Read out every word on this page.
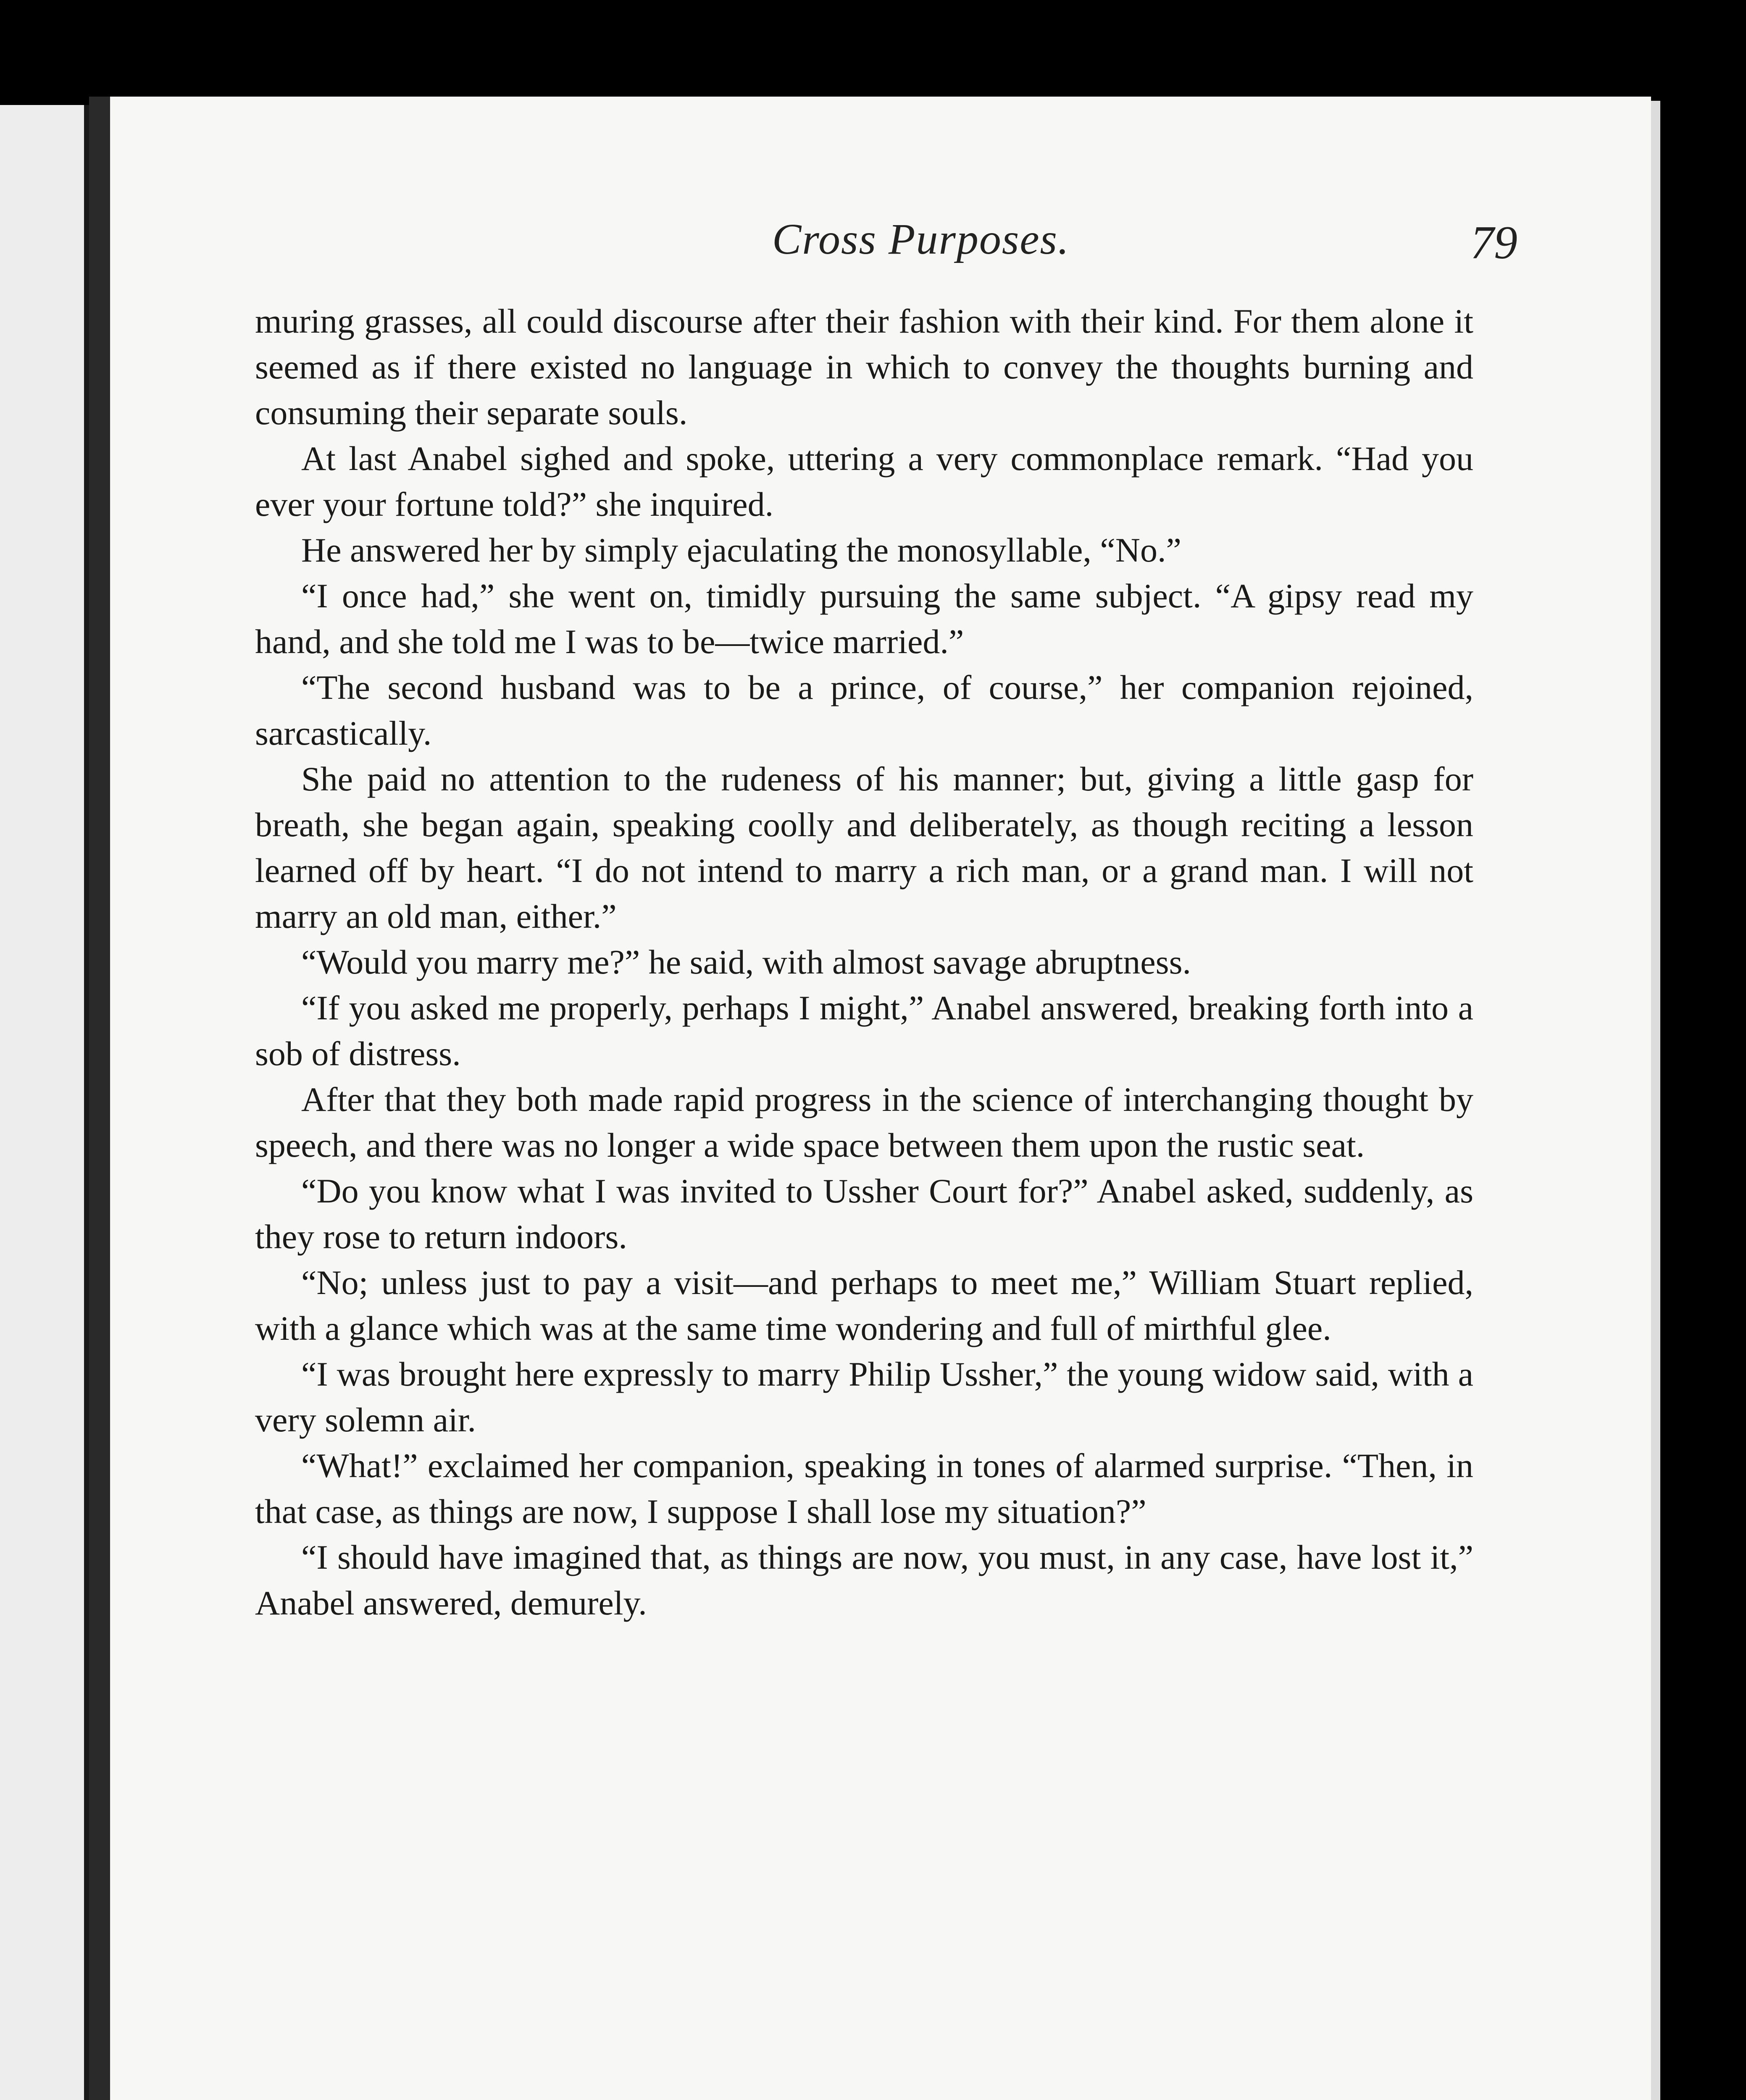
Cross Purposes.	79

muring grasses, all could discourse after their fashion with their kind. For them alone it seemed as if there existed no language in which to convey the thoughts burning and consuming their separate souls.

At last Anabel sighed and spoke, uttering a very commonplace remark. “Had you ever your fortune told?” she inquired.

He answered her by simply ejaculating the monosyllable, “No.”

“I once had,” she went on, timidly pursuing the same subject. “A gipsy read my hand, and she told me I was to be—twice married.”

“The second husband was to be a prince, of course,” her companion rejoined, sarcastically.

She paid no attention to the rudeness of his manner; but, giving a little gasp for breath, she began again, speaking coolly and deliberately, as though reciting a lesson learned off by heart. “I do not intend to marry a rich man, or a grand man. I will not marry an old man, either.”

“Would you marry me?” he said, with almost savage abruptness.

“If you asked me properly, perhaps I might,” Anabel answered, breaking forth into a sob of distress.

After that they both made rapid progress in the science of interchanging thought by speech, and there was no longer a wide space between them upon the rustic seat.

“Do you know what I was invited to Ussher Court for?” Anabel asked, suddenly, as they rose to return indoors.

“No; unless just to pay a visit—and perhaps to meet me,” William Stuart replied, with a glance which was at the same time wondering and full of mirthful glee.

“I was brought here expressly to marry Philip Ussher,” the young widow said, with a very solemn air.

“What!” exclaimed her companion, speaking in tones of alarmed surprise. “Then, in that case, as things are now, I suppose I shall lose my situation?”

“I should have imagined that, as things are now, you must, in any case, have lost it,” Anabel answered, demurely.
